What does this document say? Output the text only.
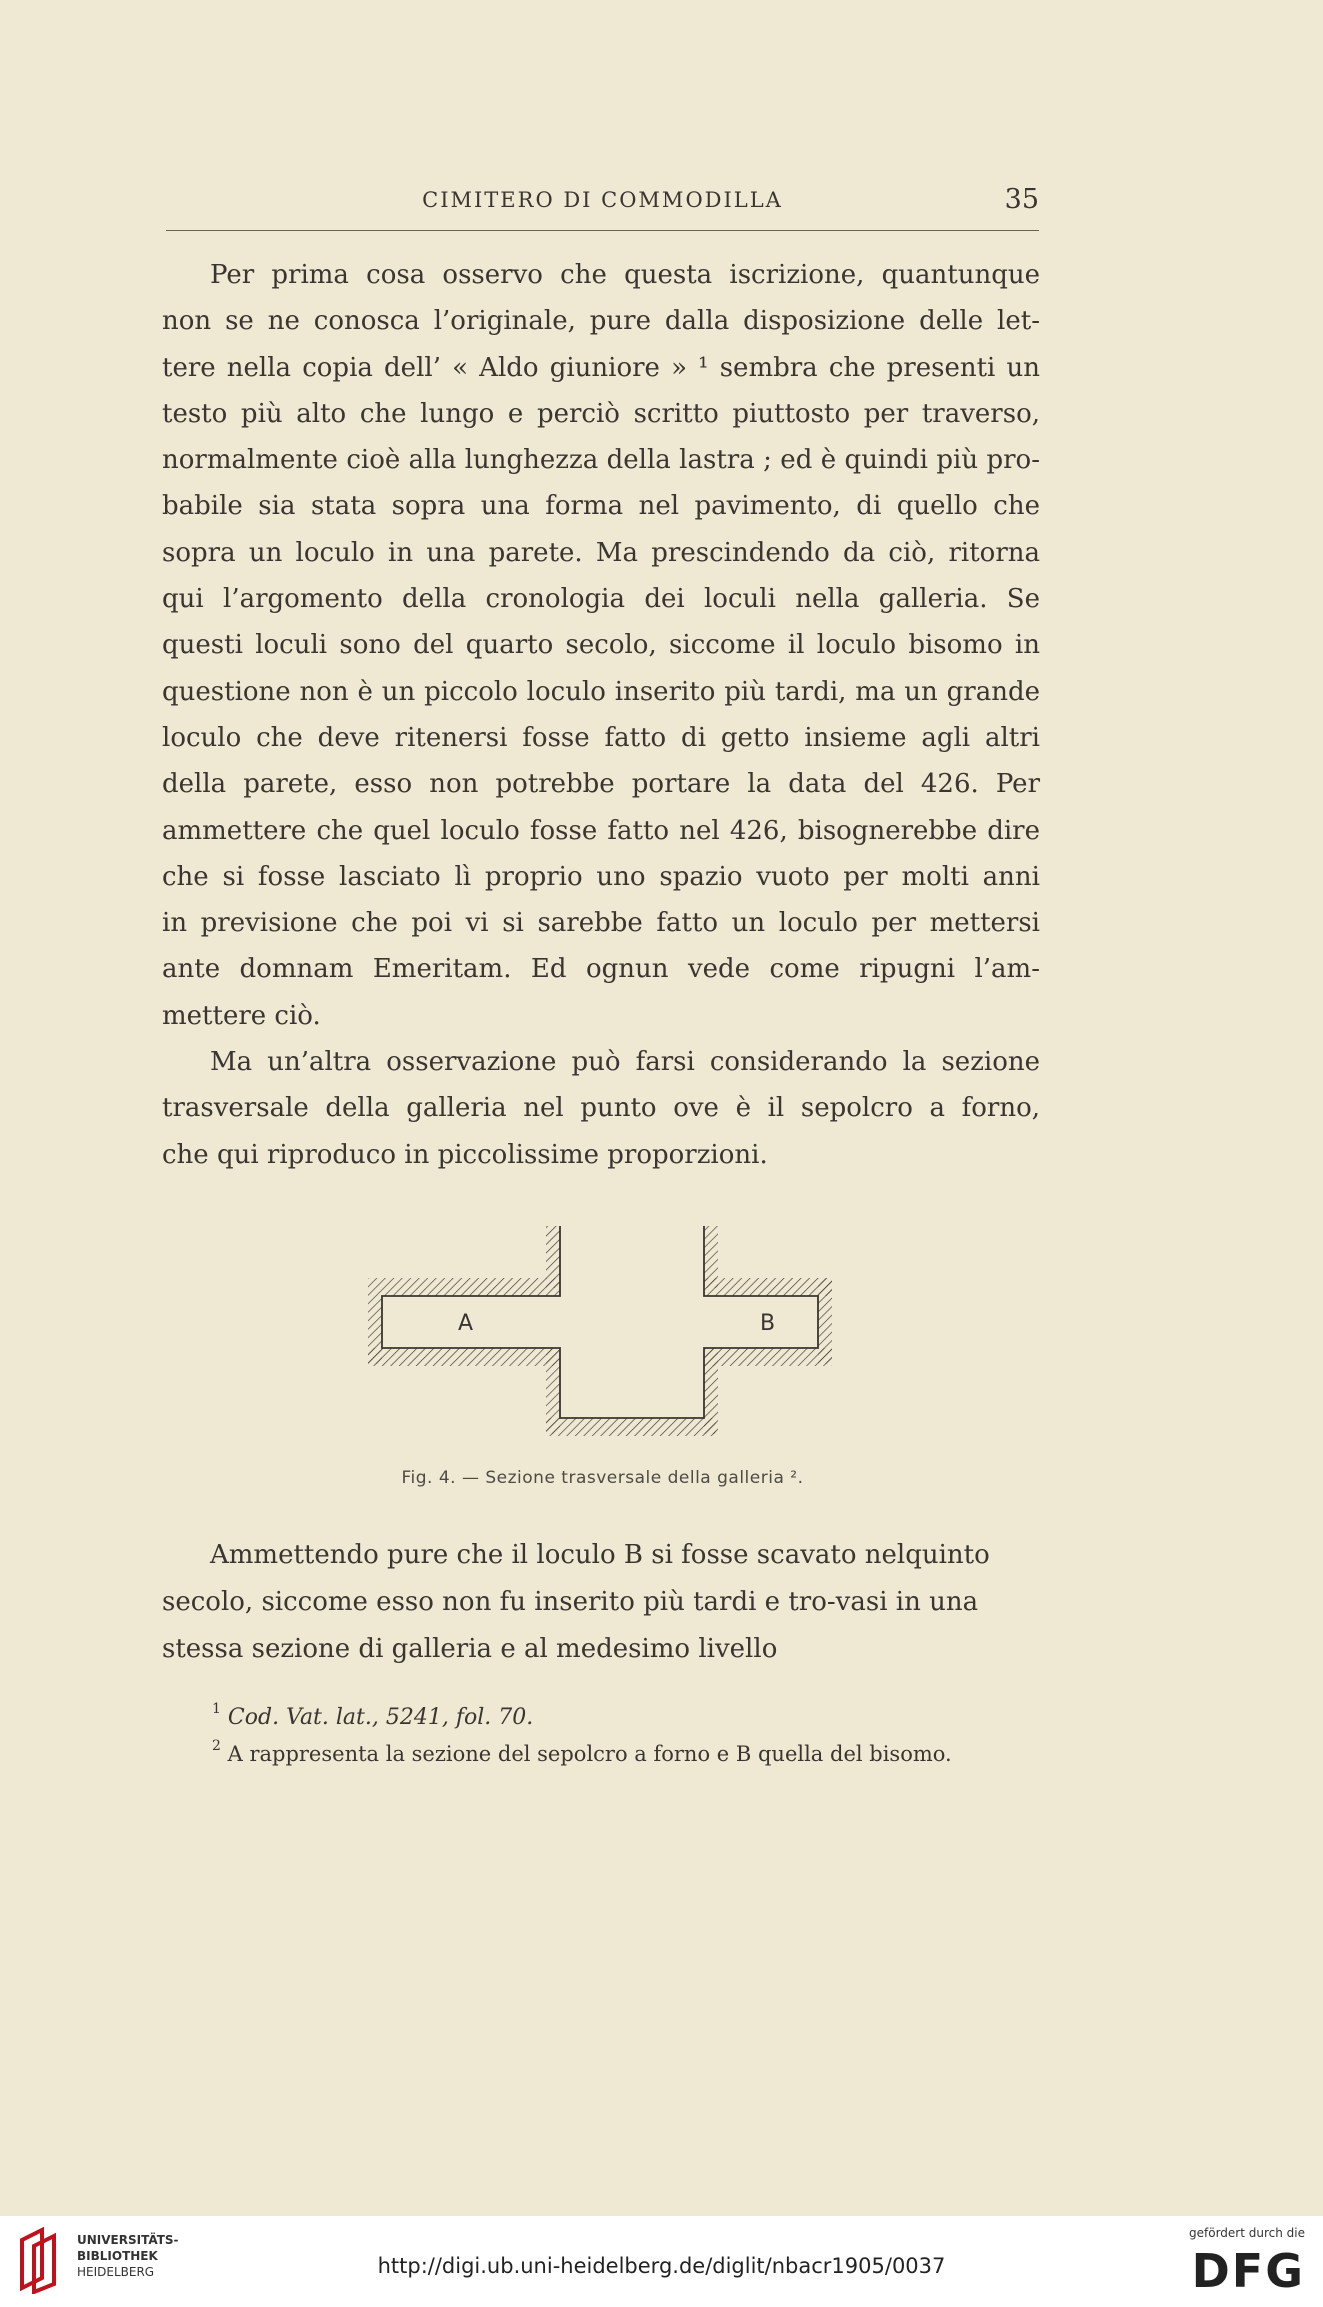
CIMITERO DI COMMODILLA	35
Per prima cosa osservo che questa iscrizione, quantunque
non se ne conosca l’originale, pure dalla disposizione delle let-
tere nella copia dell’ « Aldo giuniore » ¹ sembra che presenti un
testo più alto che lungo e perciò scritto piuttosto per traverso,
normalmente cioè alla lunghezza della lastra ; ed è quindi più pro-
babile sia stata sopra una forma nel pavimento, di quello che
sopra un loculo in una parete. Ma prescindendo da ciò, ritorna
qui l’argomento della cronologia dei loculi nella galleria. Se
questi loculi sono del quarto secolo, siccome il loculo bisomo in
questione non è un piccolo loculo inserito più tardi, ma un grande
loculo che deve ritenersi fosse fatto di getto insieme agli altri
della parete, esso non potrebbe portare la data del 426. Per
ammettere che quel loculo fosse fatto nel 426, bisognerebbe dire
che si fosse lasciato lì proprio uno spazio vuoto per molti anni
in previsione che poi vi si sarebbe fatto un loculo per mettersi
ante domnam Emeritam. Ed ognun vede come ripugni l’am-
mettere ciò.
Ma un’altra osservazione può farsi considerando la sezione
trasversale della galleria nel punto ove è il sepolcro a forno,
che qui riproduco in piccolissime proporzioni.
A	B
Fig. 4. — Sezione trasversale della galleria ².
Ammettendo pure che il loculo B si fosse scavato nelquinto secolo, siccome esso non fu inserito più tardi e tro-vasi in una stessa sezione di galleria e al medesimo livello
$^1$ Cod. Vat. lat., 5241, fol. 70.
$^2$ A rappresenta la sezione del sepolcro a forno e B quella del bisomo.
UNIVERSITÄTS-
BIBLIOTHEK
HEIDELBERG	http://digi.ub.uni-heidelberg.de/diglit/nbacr1905/0037
gefördert durch die
DFG
